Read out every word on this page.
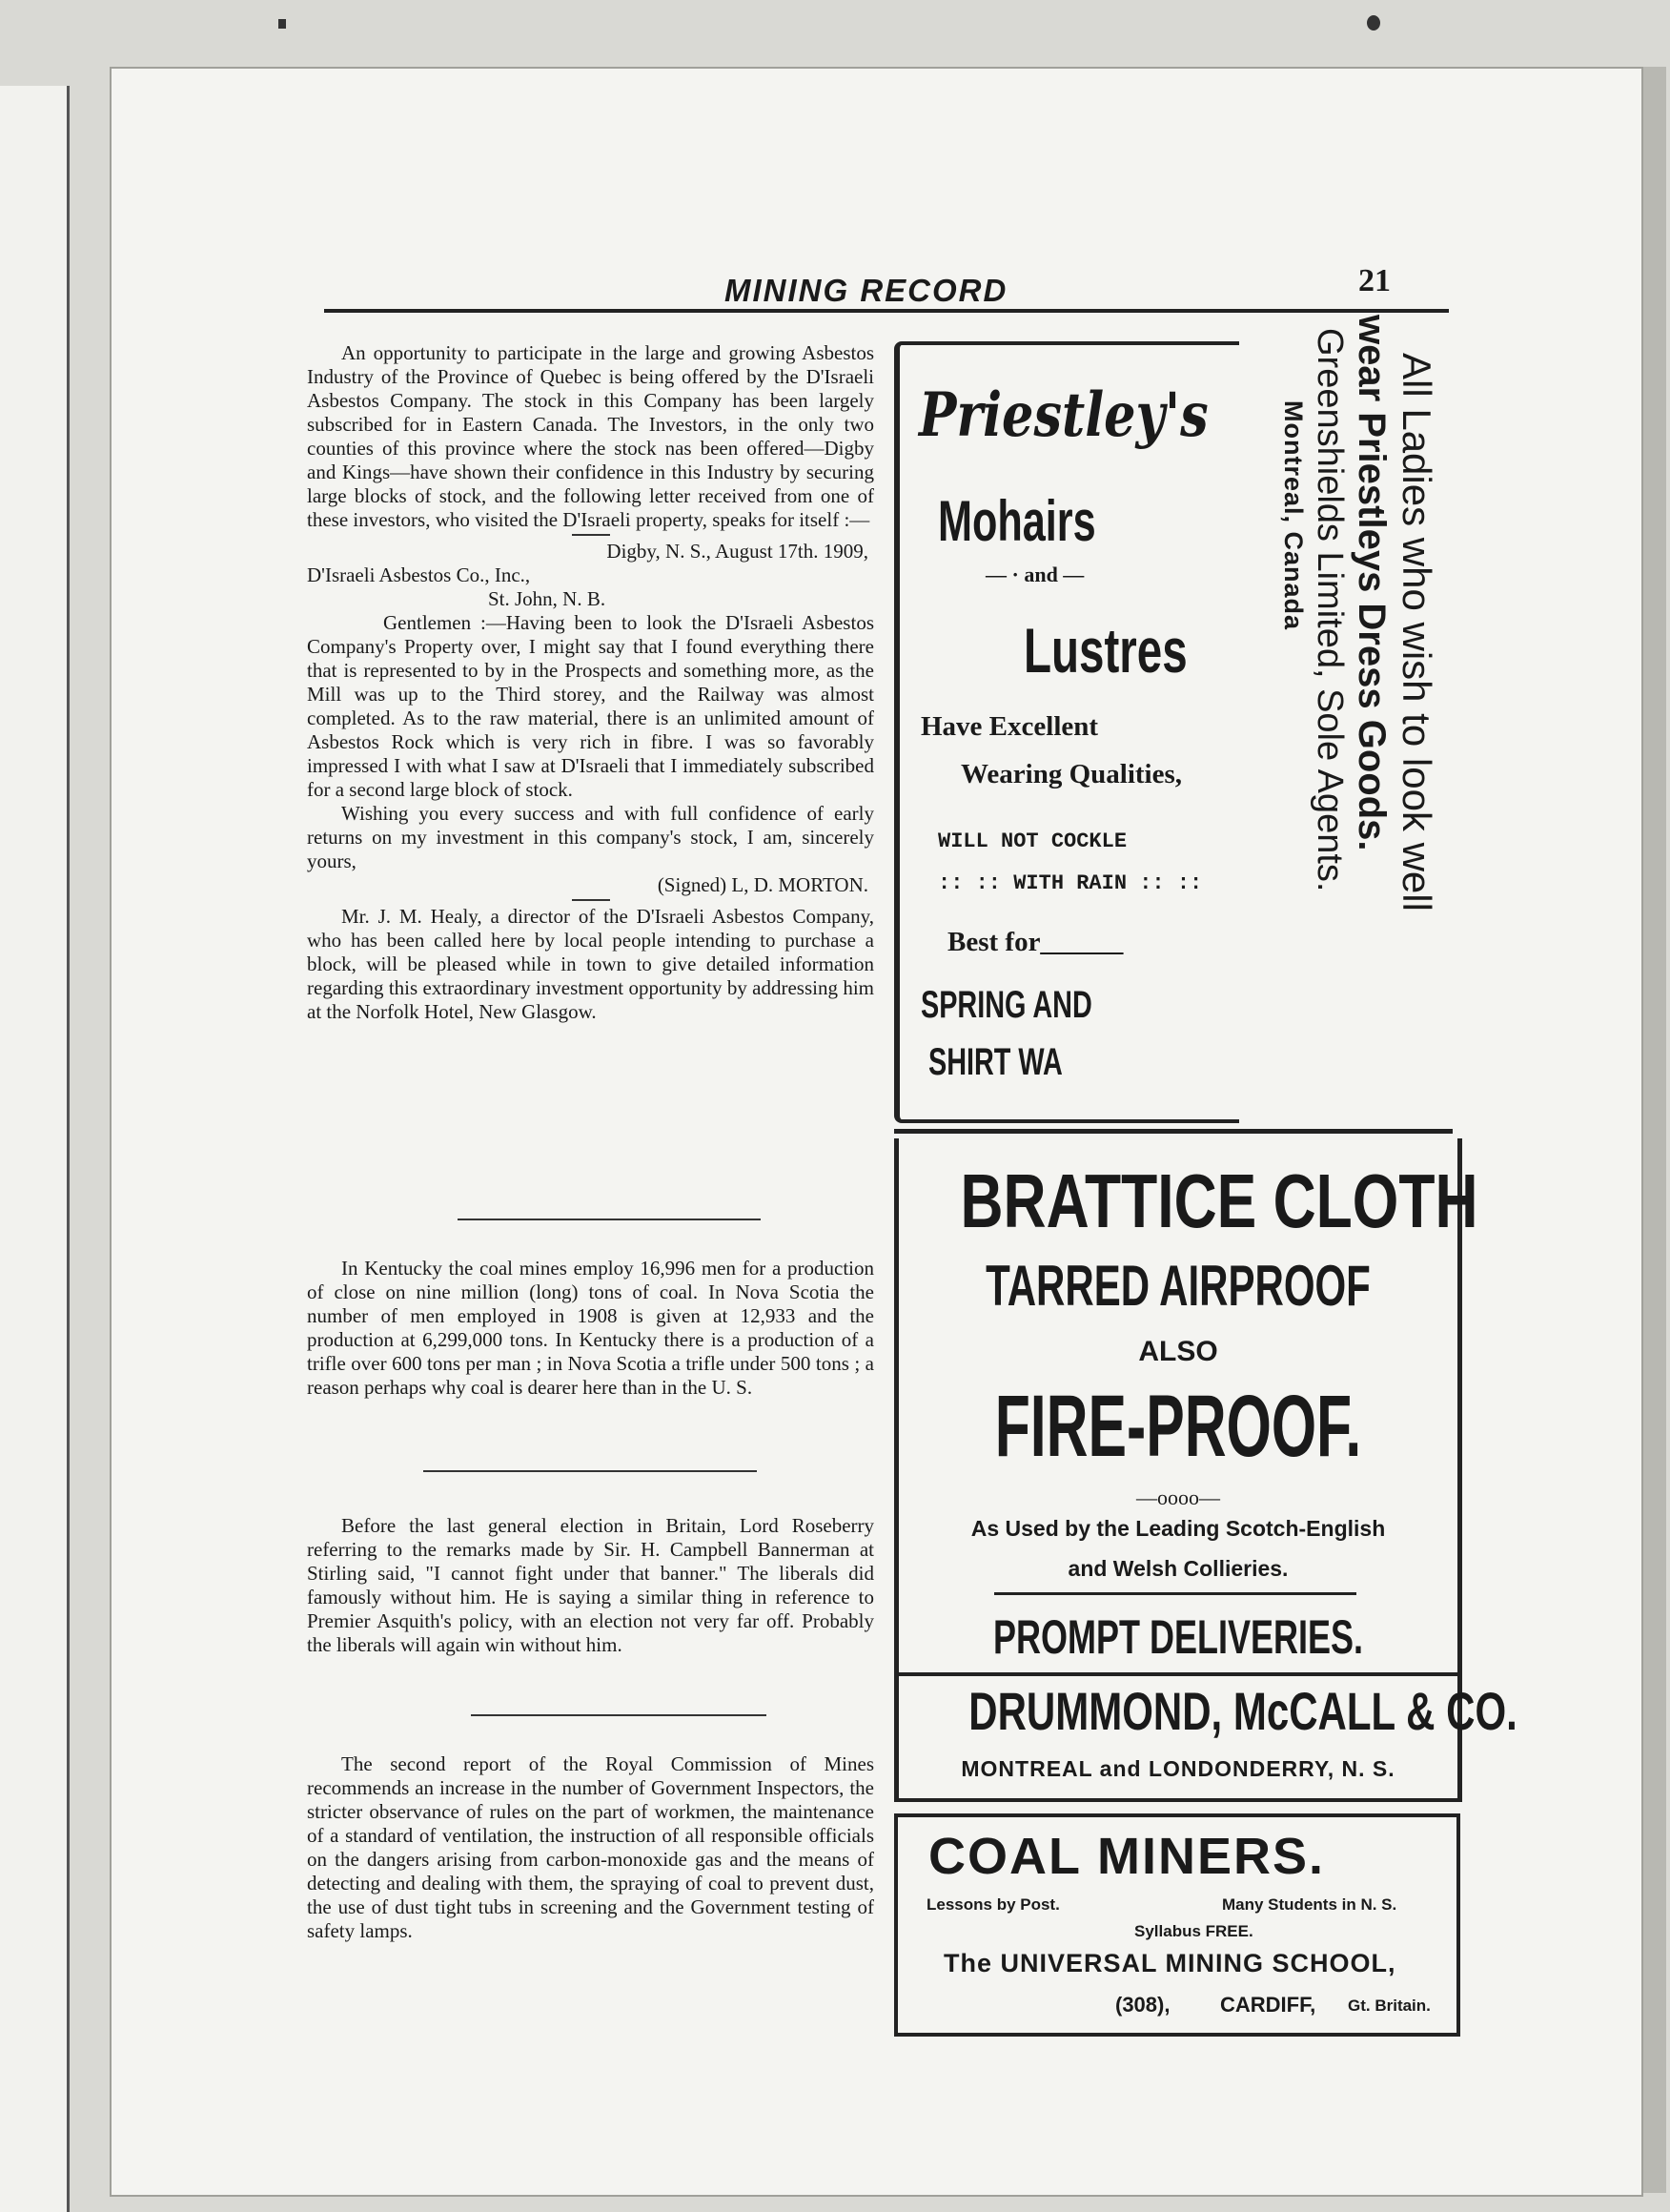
MINING RECORD	21

An opportunity to participate in the large and growing Asbestos Industry of the Province of Quebec is being offered by the D'Israeli Asbestos Company. The stock in this Company has been largely subscribed for in Eastern Canada. The Investors, in the only two counties of this province where the stock nas been offered—Digby and Kings—have shown their confidence in this Industry by securing large blocks of stock, and the following letter received from one of these investors, who visited the D'Israeli property, speaks for itself :—

Digby, N. S., August 17th. 1909,

D'Israeli Asbestos Co., Inc.,

St. John, N. B.

Gentlemen :—Having been to look the D'Israeli Asbestos Company's Property over, I might say that I found everything there that is represented to by in the Prospects and something more, as the Mill was up to the Third storey, and the Railway was almost completed. As to the raw material, there is an unlimited amount of Asbestos Rock which is very rich in fibre. I was so favorably impressed I with what I saw at D'Israeli that I immediately subscribed for a second large block of stock.

Wishing you every success and with full confidence of early returns on my investment in this company's stock, I am, sincerely yours,

(Signed) L, D. MORTON.

Mr. J. M. Healy, a director of the D'Israeli Asbestos Company, who has been called here by local people intending to purchase a block, will be pleased while in town to give detailed information regarding this extraordinary investment opportunity by addressing him at the Norfolk Hotel, New Glasgow.

In Kentucky the coal mines employ 16,996 men for a production of close on nine million (long) tons of coal. In Nova Scotia the number of men employed in 1908 is given at 12,933 and the production at 6,299,000 tons. In Kentucky there is a production of a trifle over 600 tons per man ; in Nova Scotia a trifle under 500 tons ; a reason perhaps why coal is dearer here than in the U. S.

Before the last general election in Britain, Lord Roseberry referring to the remarks made by Sir. H. Campbell Bannerman at Stirling said, "I cannot fight under that banner." The liberals did famously without him. He is saying a similar thing in reference to Premier Asquith's policy, with an election not very far off. Probably the liberals will again win without him.

The second report of the Royal Commission of Mines recommends an increase in the number of Government Inspectors, the stricter observance of rules on the part of workmen, the maintenance of a standard of ventilation, the instruction of all responsible officials on the dangers arising from carbon-monoxide gas and the means of detecting and dealing with them, the spraying of coal to prevent dust, the use of dust tight tubs in screening and the Government testing of safety lamps.

Priestley's
Mohairs
— · and —
Lustres
Have Excellent
Wearing Qualities,
WILL NOT COCKLE
:: :: WITH RAIN :: ::
Best for______
SPRING AND
SHIRT WA
All Ladies who wish to look well
wear Priestleys Dress Goods.
Greenshields Limited, Sole Agents.
Montreal, Canada
BRATTICE CLOTH
TARRED AIRPROOF
ALSO
FIRE-PROOF.
—oooo—
As Used by the Leading Scotch-English
and Welsh Collieries.
PROMPT DELIVERIES.
DRUMMOND, McCALL & CO.
MONTREAL and LONDONDERRY, N. S.
COAL MINERS.
Lessons by Post.	Many Students in N. S.
Syllabus FREE.
The UNIVERSAL MINING SCHOOL,
(308), CARDIFF, Gt. Britain.
